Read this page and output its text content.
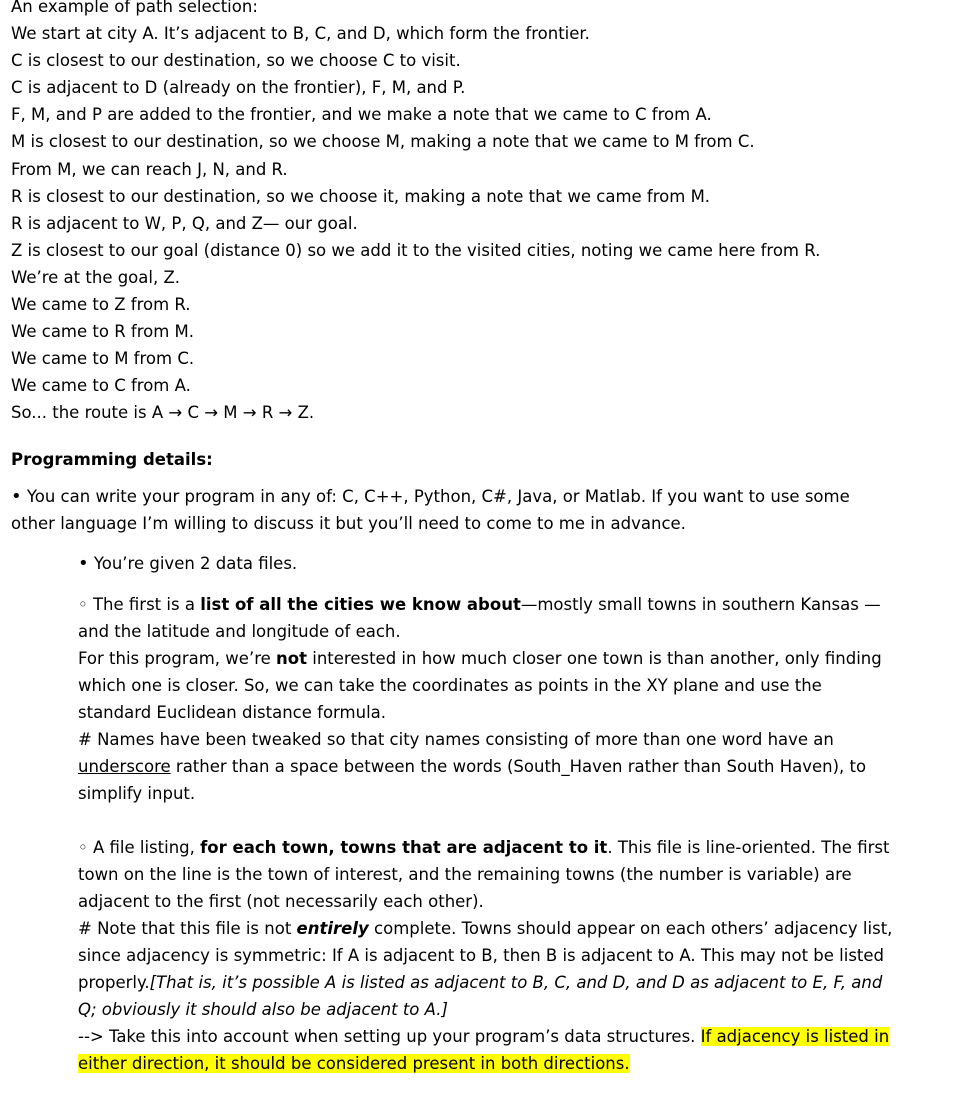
An example of path selection:
We start at city A. It’s adjacent to B, C, and D, which form the frontier.
C is closest to our destination, so we choose C to visit.
C is adjacent to D (already on the frontier), F, M, and P.
F, M, and P are added to the frontier, and we make a note that we came to C from A.
M is closest to our destination, so we choose M, making a note that we came to M from C.
From M, we can reach J, N, and R.
R is closest to our destination, so we choose it, making a note that we came from M.
R is adjacent to W, P, Q, and Z— our goal.
Z is closest to our goal (distance 0) so we add it to the visited cities, noting we came here from R.
We’re at the goal, Z.
We came to Z from R.
We came to R from M.
We came to M from C.
We came to C from A.
So... the route is A → C → M → R → Z.
Programming details:
• You can write your program in any of: C, C++, Python, C#, Java, or Matlab. If you want to use some other language I’m willing to discuss it but you’ll need to come to me in advance.
• You’re given 2 data files.
◦ The first is a list of all the cities we know about—mostly small towns in southern Kansas —and the latitude and longitude of each.
For this program, we’re not interested in how much closer one town is than another, only finding which one is closer. So, we can take the coordinates as points in the XY plane and use the standard Euclidean distance formula.
# Names have been tweaked so that city names consisting of more than one word have an underscore rather than a space between the words (South_Haven rather than South Haven), to simplify input.
◦ A file listing, for each town, towns that are adjacent to it. This file is line-oriented. The first town on the line is the town of interest, and the remaining towns (the number is variable) are adjacent to the first (not necessarily each other).
# Note that this file is not entirely complete. Towns should appear on each others’ adjacency list, since adjacency is symmetric: If A is adjacent to B, then B is adjacent to A. This may not be listed properly.[That is, it’s possible A is listed as adjacent to B, C, and D, and D as adjacent to E, F, and Q; obviously it should also be adjacent to A.]
--> Take this into account when setting up your program’s data structures. If adjacency is listed in either direction, it should be considered present in both directions.
